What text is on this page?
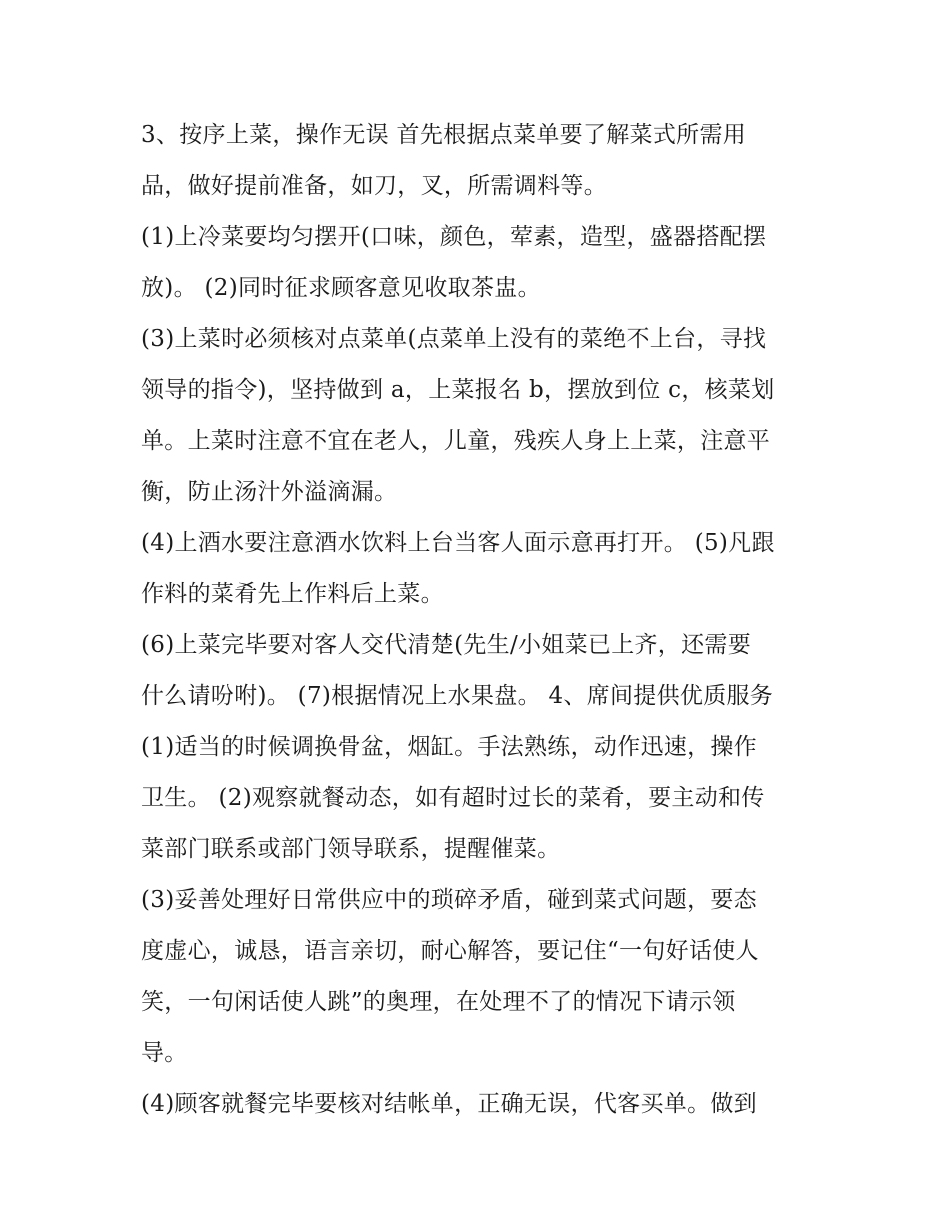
3、按序上菜，操作无误 首先根据点菜单要了解菜式所需用
品，做好提前准备，如刀，叉，所需调料等。
(1)上冷菜要均匀摆开(口味，颜色，荤素，造型，盛器搭配摆
放)。 (2)同时征求顾客意见收取茶盅。
(3)上菜时必须核对点菜单(点菜单上没有的菜绝不上台，寻找
领导的指令)，坚持做到 a，上菜报名 b，摆放到位 c，核菜划
单。上菜时注意不宜在老人，儿童，残疾人身上上菜，注意平
衡，防止汤汁外溢滴漏。
(4)上酒水要注意酒水饮料上台当客人面示意再打开。 (5)凡跟
作料的菜肴先上作料后上菜。
(6)上菜完毕要对客人交代清楚(先生/小姐菜已上齐，还需要
什么请吩咐)。 (7)根据情况上水果盘。 4、席间提供优质服务
(1)适当的时候调换骨盆，烟缸。手法熟练，动作迅速，操作
卫生。 (2)观察就餐动态，如有超时过长的菜肴，要主动和传
菜部门联系或部门领导联系，提醒催菜。
(3)妥善处理好日常供应中的琐碎矛盾，碰到菜式问题，要态
度虚心，诚恳，语言亲切，耐心解答，要记住“一句好话使人
笑，一句闲话使人跳”的奥理，在处理不了的情况下请示领
导。
(4)顾客就餐完毕要核对结帐单，正确无误，代客买单。做到
